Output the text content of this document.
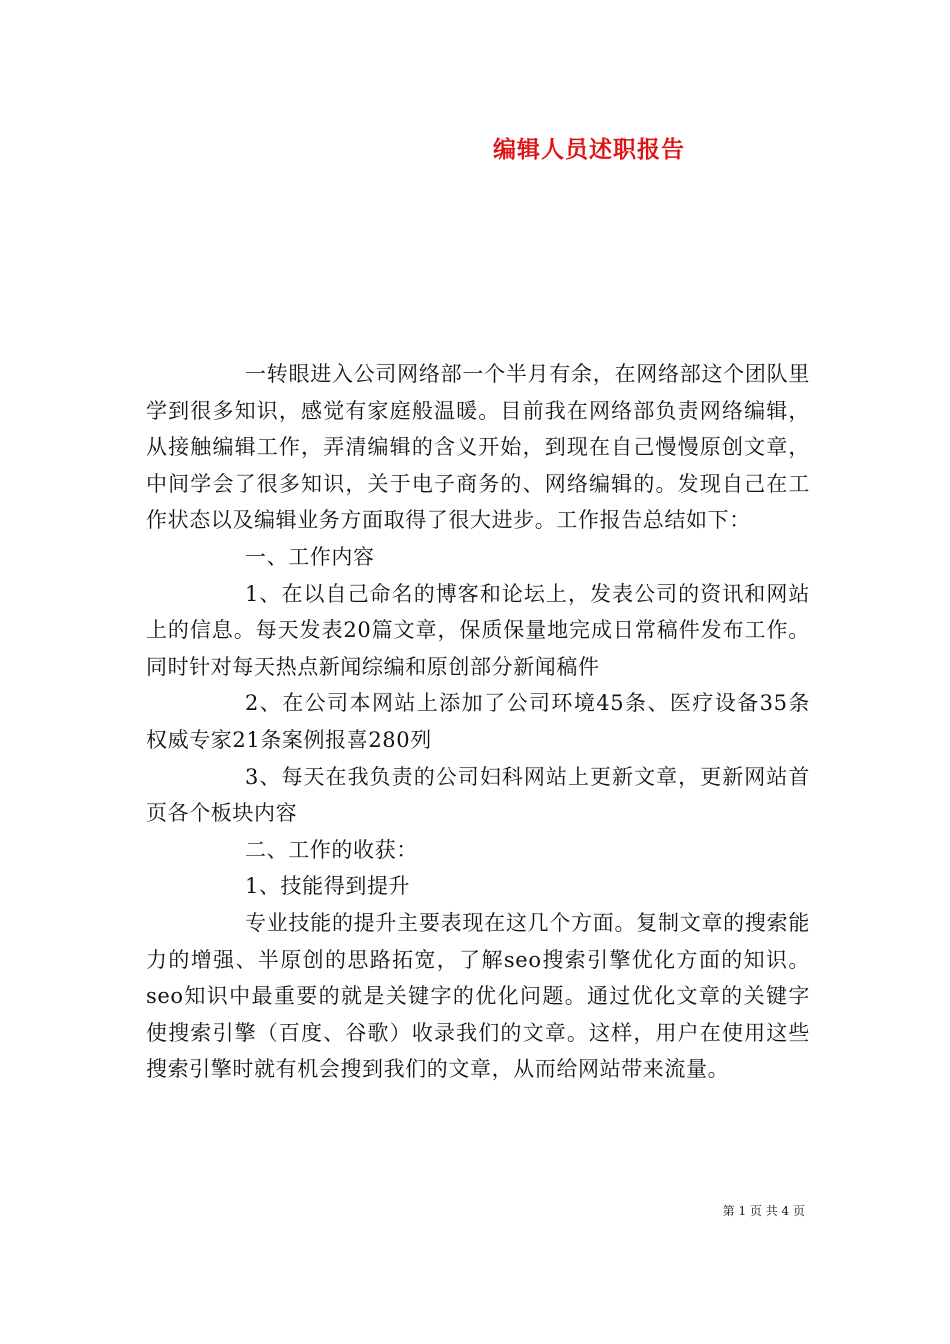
编辑人员述职报告

一转眼进入公司网络部一个半月有余，在网络部这个团队里学到很多知识，感觉有家庭般温暖。目前我在网络部负责网络编辑，从接触编辑工作，弄清编辑的含义开始，到现在自己慢慢原创文章，中间学会了很多知识，关于电子商务的、网络编辑的。发现自己在工作状态以及编辑业务方面取得了很大进步。工作报告总结如下：

一、工作内容

1、在以自己命名的博客和论坛上，发表公司的资讯和网站上的信息。每天发表20篇文章，保质保量地完成日常稿件发布工作。同时针对每天热点新闻综编和原创部分新闻稿件

2、在公司本网站上添加了公司环境45条、医疗设备35条权威专家21条案例报喜280列

3、每天在我负责的公司妇科网站上更新文章，更新网站首页各个板块内容

二、工作的收获：

1、技能得到提升

专业技能的提升主要表现在这几个方面。复制文章的搜索能力的增强、半原创的思路拓宽，了解seo搜索引擎优化方面的知识。seo知识中最重要的就是关键字的优化问题。通过优化文章的关键字使搜索引擎（百度、谷歌）收录我们的文章。这样，用户在使用这些搜索引擎时就有机会搜到我们的文章，从而给网站带来流量。

第 1 页 共 4 页
